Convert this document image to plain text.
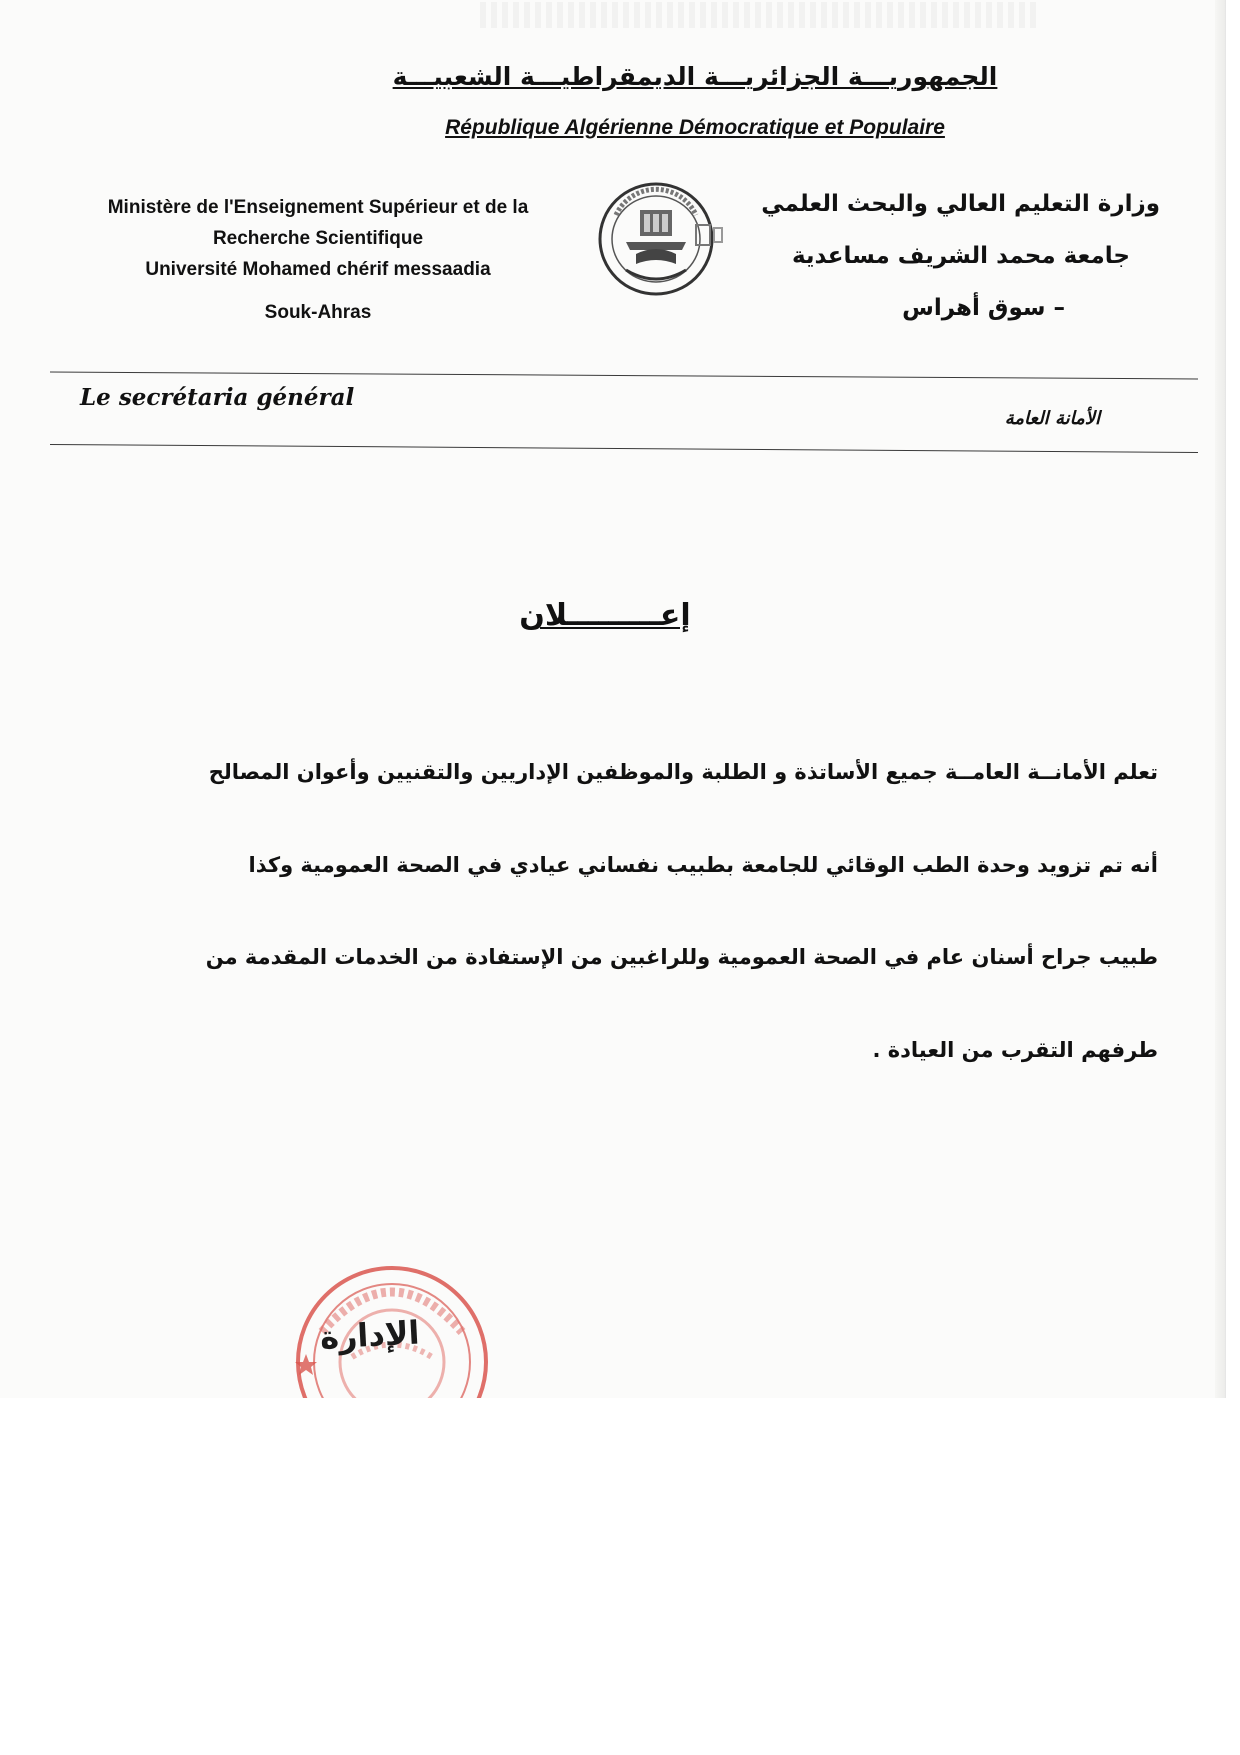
الجمهوريـــة الجزائريـــة الديمقراطيـــة الشعبيـــة
République Algérienne Démocratique et Populaire
Ministère de l'Enseignement Supérieur et de la
Recherche Scientifique
Université Mohamed chérif messaadia
Souk-Ahras
وزارة التعليم العالي والبحث العلمي
جامعة محمد الشريف مساعدية
– سوق أهراس
Le secrétaria général
الأمانة العامة
إعـــــــــلان
تعلم الأمانــة العامــة جميع الأساتذة و الطلبة والموظفين الإداريين والتقنيين وأعوان المصالح
أنه تم تزويد وحدة الطب الوقائي للجامعة بطبيب نفساني عيادي في الصحة العمومية وكذا
طبيب جراح أسنان عام في الصحة العمومية وللراغبين من الإستفادة من الخدمات المقدمة من
طرفهم التقرب من العيادة .
الإدارة
